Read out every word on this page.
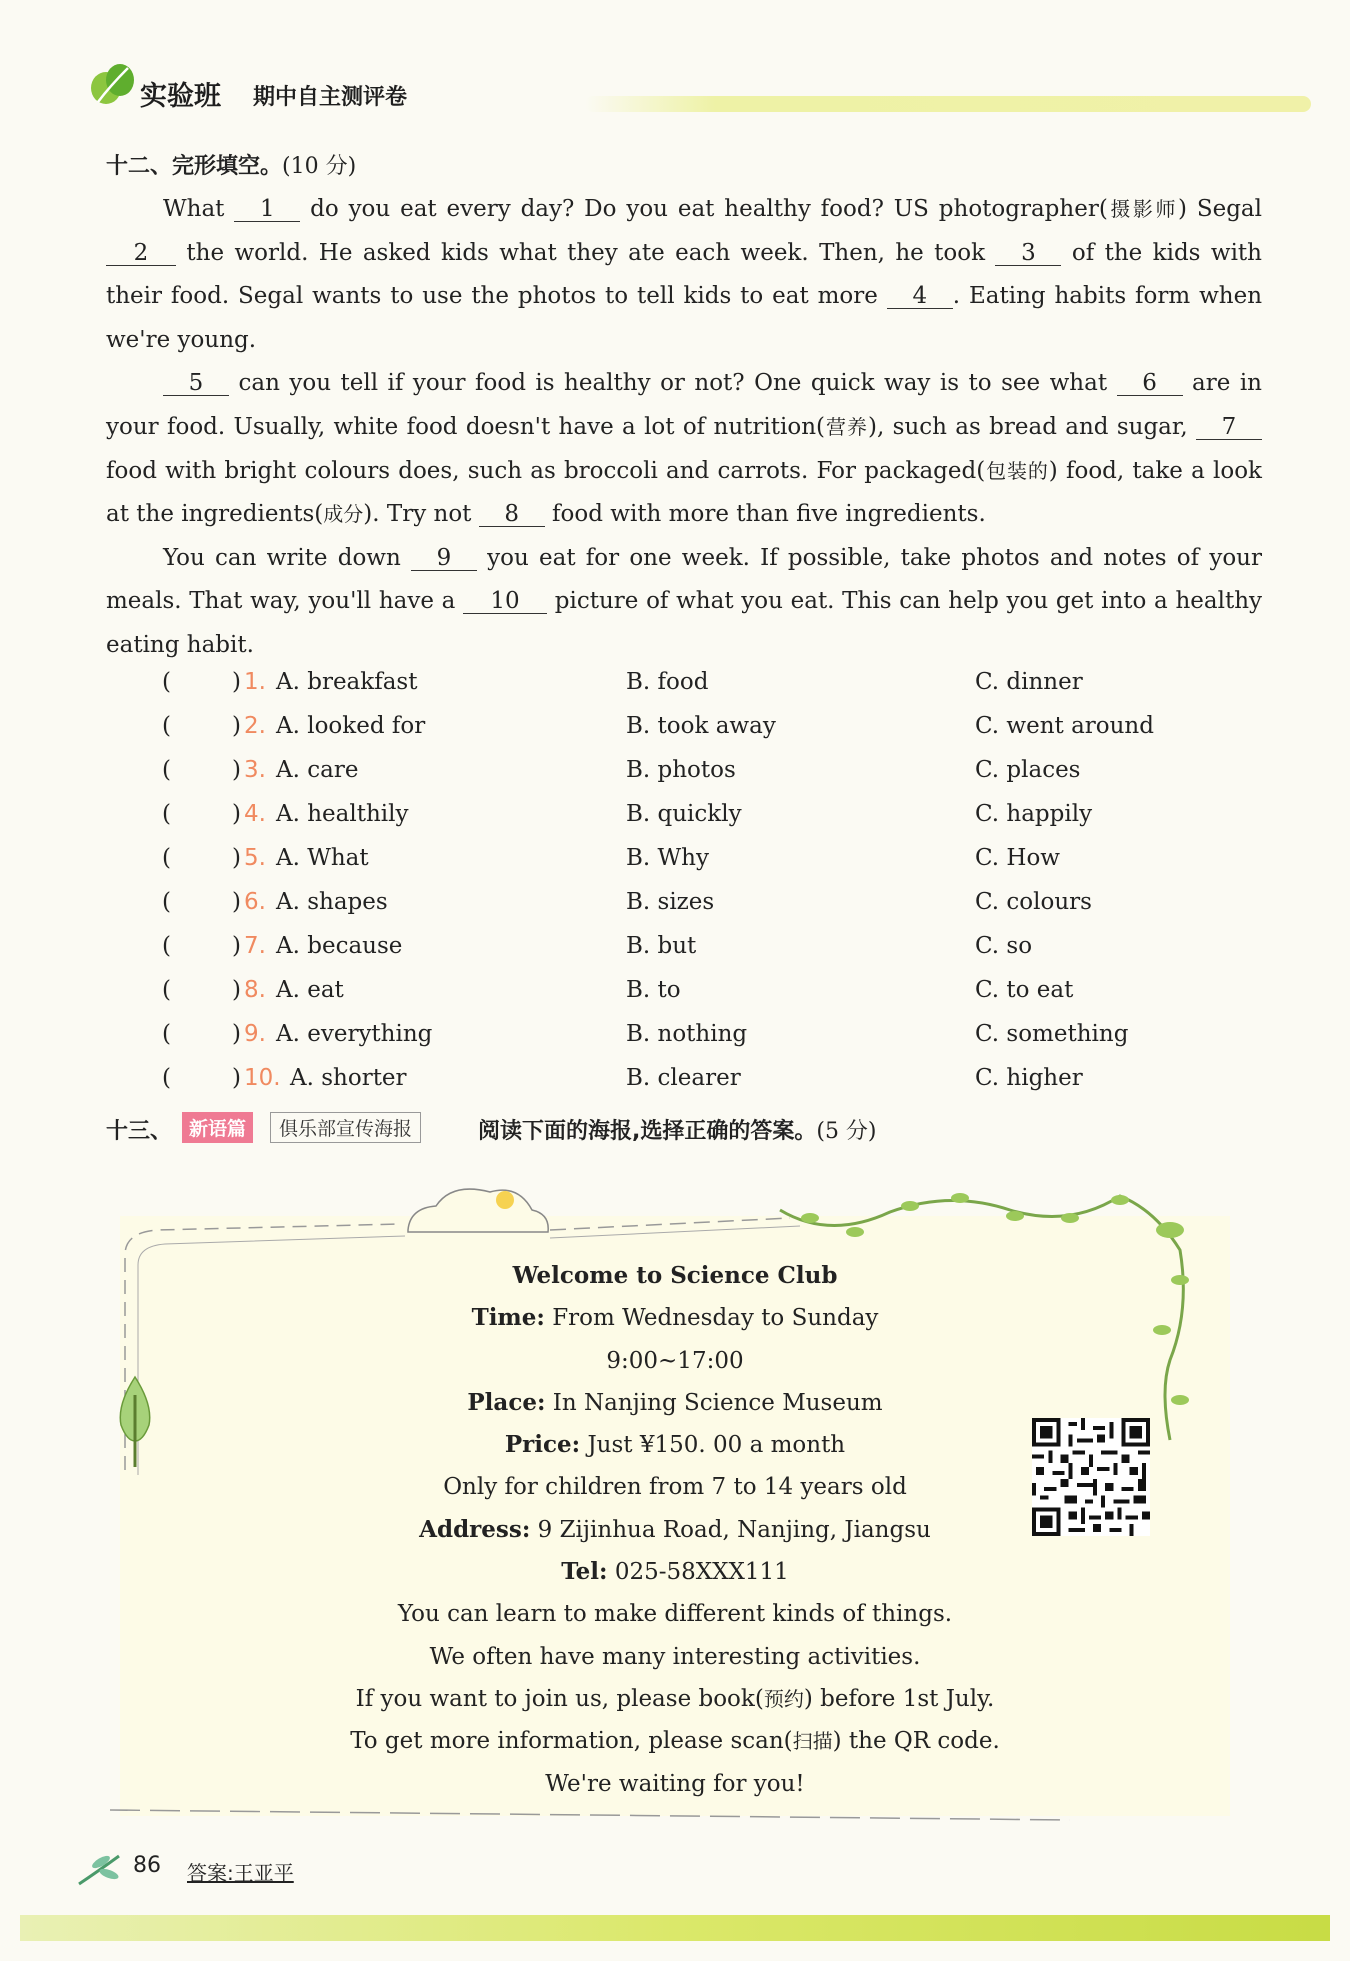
实验班 期中自主测评卷
十二、完形填空。(10 分)

What 1 do you eat every day? Do you eat healthy food? US photographer(摄影师) Segal 2 the world. He asked kids what they ate each week. Then, he took 3 of the kids with their food. Segal wants to use the photos to tell kids to eat more 4 . Eating habits form when we're young.

5 can you tell if your food is healthy or not? One quick way is to see what 6 are in your food. Usually, white food doesn't have a lot of nutrition(营养), such as bread and sugar, 7 food with bright colours does, such as broccoli and carrots. For packaged(包装的) food, take a look at the ingredients(成分). Try not 8 food with more than five ingredients.

You can write down 9 you eat for one week. If possible, take photos and notes of your meals. That way, you'll have a 10 picture of what you eat. This can help you get into a healthy eating habit.

(	) 1. A. breakfast	B. food	C. dinner
(	) 2. A. looked for	B. took away	C. went around
(	) 3. A. care	B. photos	C. places
(	) 4. A. healthily	B. quickly	C. happily
(	) 5. A. What	B. Why	C. How
(	) 6. A. shapes	B. sizes	C. colours
(	) 7. A. because	B. but	C. so
(	) 8. A. eat	B. to	C. to eat
(	) 9. A. everything	B. nothing	C. something
(	) 10. A. shorter	B. clearer	C. higher
十三、 新语篇	俱乐部宣传海报	阅读下面的海报,选择正确的答案。(5 分)
Welcome to Science Club
Time: From Wednesday to Sunday
9:00~17:00
Place: In Nanjing Science Museum
Price: Just ¥150. 00 a month
Only for children from 7 to 14 years old
Address: 9 Zijinhua Road, Nanjing, Jiangsu
Tel: 025-58XXX111
You can learn to make different kinds of things.
We often have many interesting activities.
If you want to join us, please book(预约) before 1st July.
To get more information, please scan(扫描) the QR code.
We're waiting for you!
86 答案:王亚平
